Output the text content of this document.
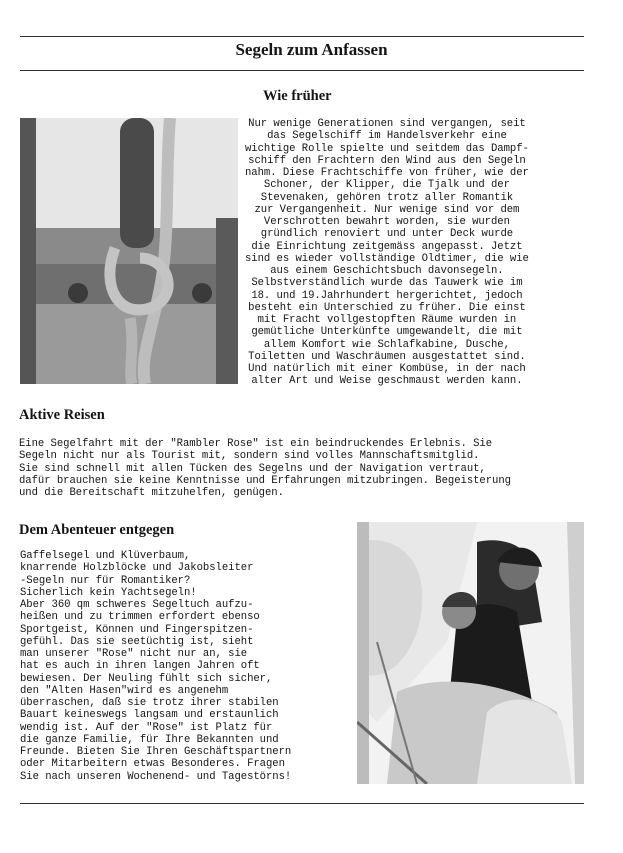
Segeln zum Anfassen
Wie früher
Nur wenige Generationen sind vergangen, seit
das Segelschiff im Handelsverkehr eine
wichtige Rolle spielte und seitdem das Dampf-
schiff den Frachtern den Wind aus den Segeln
nahm. Diese Frachtschiffe von früher, wie der
Schoner, der Klipper, die Tjalk und der
Stevenaken, gehören trotz aller Romantik
zur Vergangenheit. Nur wenige sind vor dem
Verschrotten bewahrt worden, sie wurden
gründlich renoviert und unter Deck wurde
die Einrichtung zeitgemäss angepasst. Jetzt
sind es wieder vollständige Oldtimer, die wie
aus einem Geschichtsbuch davonsegeln.
Selbstverständlich wurde das Tauwerk wie im
18. und 19.Jahrhundert hergerichtet, jedoch
besteht ein Unterschied zu früher. Die einst
mit Fracht vollgestopften Räume wurden in
gemütliche Unterkünfte umgewandelt, die mit
allem Komfort wie Schlafkabine, Dusche,
Toiletten und Waschräumen ausgestattet sind.
Und natürlich mit einer Kombüse, in der nach
alter Art und Weise geschmaust werden kann.
Aktive Reisen
Eine Segelfahrt mit der "Rambler Rose" ist ein beindruckendes Erlebnis. Sie
Segeln nicht nur als Tourist mit, sondern sind volles Mannschaftsmitglid.
Sie sind schnell mit allen Tücken des Segelns und der Navigation vertraut,
dafür brauchen sie keine Kenntnisse und Erfahrungen mitzubringen. Begeisterung
und die Bereitschaft mitzuhelfen, genügen.
Dem Abenteuer entgegen
Gaffelsegel und Klüverbaum,
knarrende Holzblöcke und Jakobsleiter
-Segeln nur für Romantiker?
Sicherlich kein Yachtsegeln!
Aber 360 qm schweres Segeltuch aufzu-
heißen und zu trimmen erfordert ebenso
Sportgeist, Können und Fingerspitzen-
gefühl. Das sie seetüchtig ist, sieht
man unserer "Rose" nicht nur an, sie
hat es auch in ihren langen Jahren oft
bewiesen. Der Neuling fühlt sich sicher,
den "Alten Hasen"wird es angenehm
überraschen, daß sie trotz ihrer stabilen
Bauart keineswegs langsam und erstaunlich
wendig ist. Auf der "Rose" ist Platz für
die ganze Familie, für Ihre Bekannten und
Freunde. Bieten Sie Ihren Geschäftspartnern
oder Mitarbeitern etwas Besonderes. Fragen
Sie nach unseren Wochenend- und Tagestörns!
